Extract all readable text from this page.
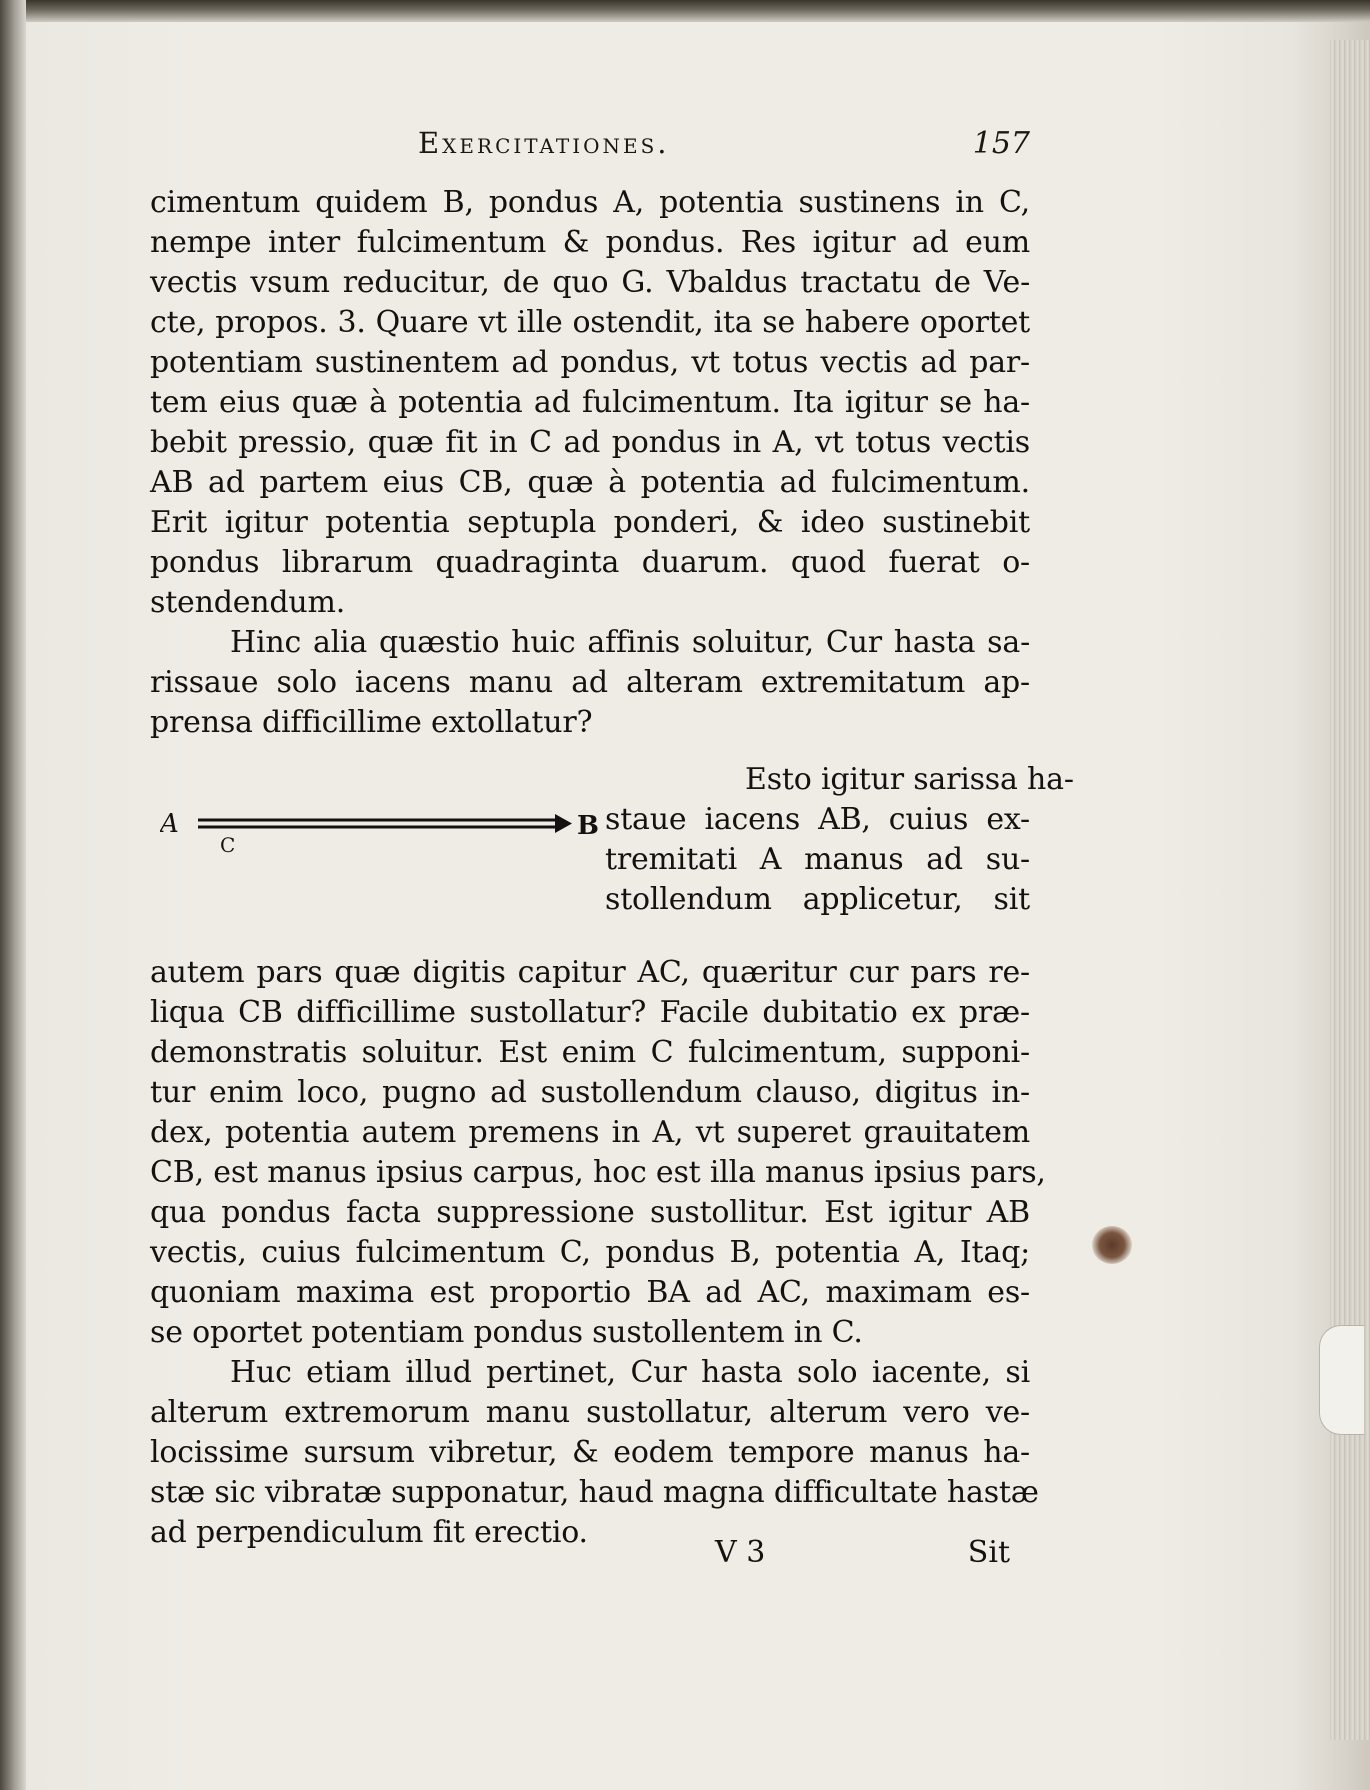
Exercitationes.	157
cimentum quidem B, pondus A, potentia sustinens in C,
nempe inter fulcimentum & pondus. Res igitur ad eum
vectis vsum reducitur, de quo G. Vbaldus tractatu de Ve-
cte, propos. 3. Quare vt ille ostendit, ita se habere oportet
potentiam sustinentem ad pondus, vt totus vectis ad par-
tem eius quæ à potentia ad fulcimentum. Ita igitur se ha-
bebit pressio, quæ fit in C ad pondus in A, vt totus vectis
AB ad partem eius CB, quæ à potentia ad fulcimentum.
Erit igitur potentia septupla ponderi, & ideo sustinebit
pondus librarum quadraginta duarum. quod fuerat o-
stendendum.
Hinc alia quæstio huic affinis soluitur, Cur hasta sa-
rissaue solo iacens manu ad alteram extremitatum ap-
prensa difficillime extollatur?
A	B
C
Esto igitur sarissa ha-
staue iacens AB, cuius ex-
tremitati A manus ad su-
stollendum applicetur, sit
autem pars quæ digitis capitur AC, quæritur cur pars re-
liqua CB difficillime sustollatur? Facile dubitatio ex præ-
demonstratis soluitur. Est enim C fulcimentum, supponi-
tur enim loco, pugno ad sustollendum clauso, digitus in-
dex, potentia autem premens in A, vt superet grauitatem
CB, est manus ipsius carpus, hoc est illa manus ipsius pars,
qua pondus facta suppressione sustollitur. Est igitur AB
vectis, cuius fulcimentum C, pondus B, potentia A, Itaq;
quoniam maxima est proportio BA ad AC, maximam es-
se oportet potentiam pondus sustollentem in C.
Huc etiam illud pertinet, Cur hasta solo iacente, si
alterum extremorum manu sustollatur, alterum vero ve-
locissime sursum vibretur, & eodem tempore manus ha-
stæ sic vibratæ supponatur, haud magna difficultate hastæ
ad perpendiculum fit erectio.
V 3	Sit
